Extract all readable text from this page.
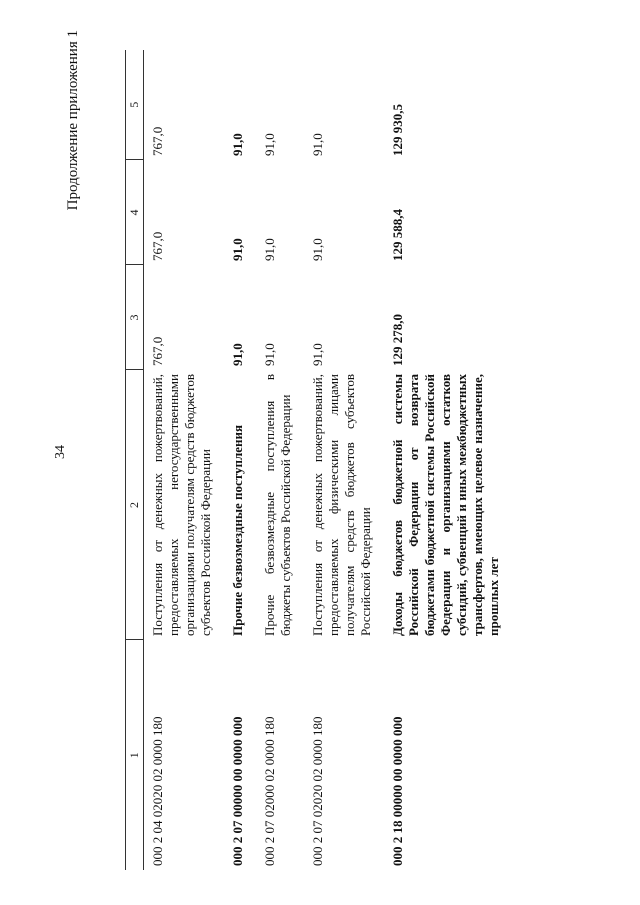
34
Продолжение приложения 1
1	2	3	4	5
000 2 04 02020 02 0000 180	Поступления от денежных пожертвований, предоставляемых негосударственными организациями получателям средств бюджетов субъектов Российской Федерации	767,0	767,0	767,0
000 2 07 00000 00 0000 000	Прочие безвозмездные поступления	91,0	91,0	91,0
000 2 07 02000 02 0000 180	Прочие безвозмездные поступления в бюджеты субъектов Российской Федерации	91,0	91,0	91,0
000 2 07 02020 02 0000 180	Поступления от денежных пожертвований, предоставляемых физическими лицами получателям средств бюджетов субъектов Российской Федерации	91,0	91,0	91,0
000 2 18 00000 00 0000 000	Доходы бюджетов бюджетной системы Российской Федерации от возврата бюджетами бюджетной системы Российской Федерации и организациями остатков субсидий, субвенций и иных межбюджетных трансфертов, имеющих целевое назначение, прошлых лет	129 278,0	129 588,4	129 930,5
